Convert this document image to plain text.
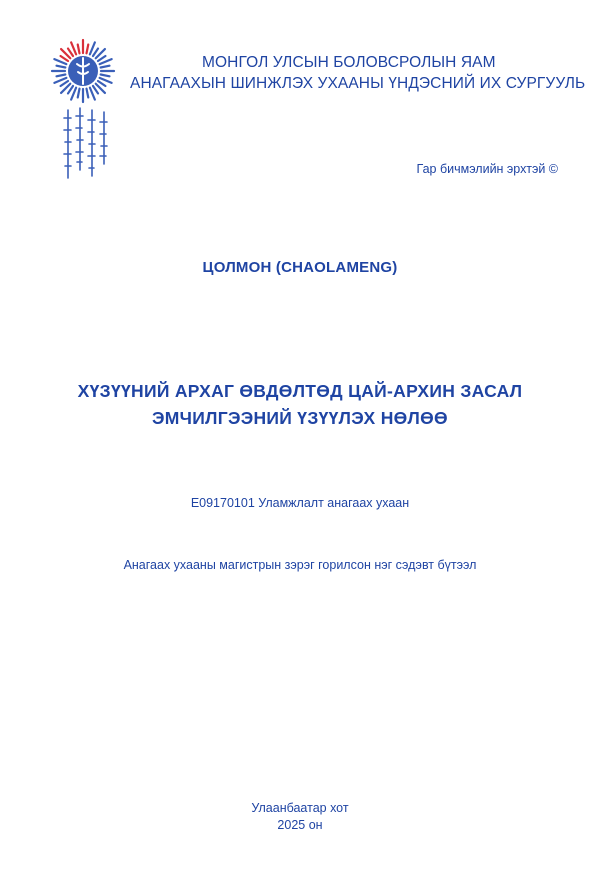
МОНГОЛ УЛСЫН БОЛОВСРОЛЫН ЯАМ
АНАГААХЫН ШИНЖЛЭХ УХААНЫ ҮНДЭСНИЙ ИХ СУРГУУЛЬ
Гар бичмэлийн эрхтэй ©
ЦОЛМОН (CHAOLAMENG)
ХҮЗҮҮНИЙ АРХАГ ӨВДӨЛТӨД ЦАЙ-АРХИН ЗАСАЛ
ЭМЧИЛГЭЭНИЙ ҮЗҮҮЛЭХ НӨЛӨӨ
E09170101 Уламжлалт анагаах ухаан
Анагаах ухааны магистрын зэрэг горилсон нэг сэдэвт бүтээл
Улаанбаатар хот
2025 он
